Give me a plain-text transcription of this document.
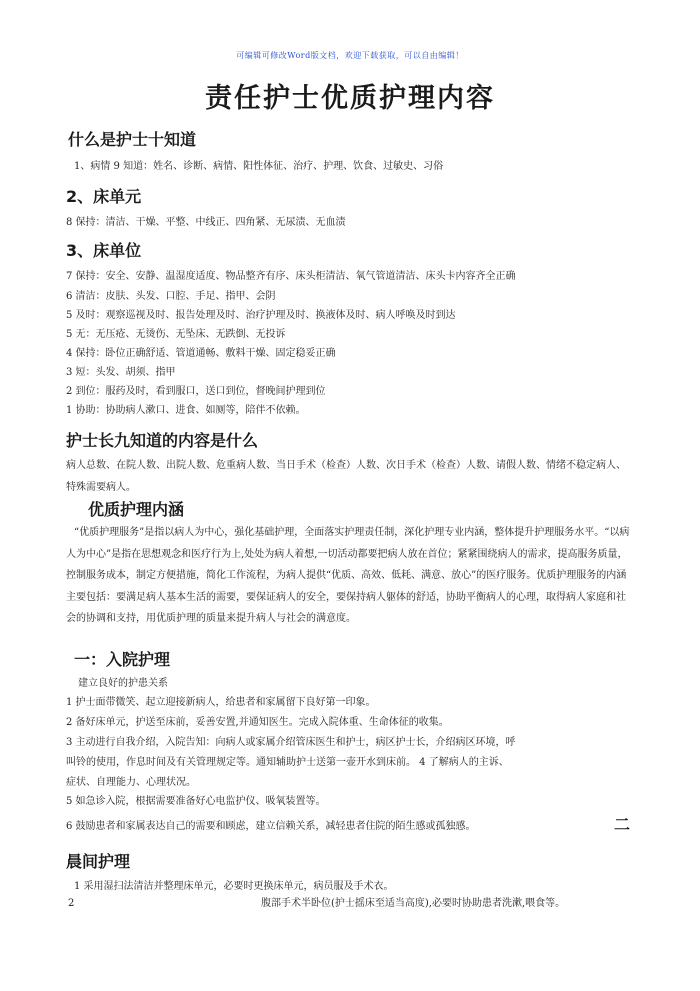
可编辑可修改Word版文档，欢迎下载获取，可以自由编辑！
责任护士优质护理内容
什么是护士十知道

1、病情 9 知道：姓名、诊断、病情、阳性体征、治疗、护理、饮食、过敏史、习俗

2、床单元

8 保持：清洁、干燥、平整、中线正、四角紧、无尿渍、无血渍

3、床单位

7 保持：安全、安静、温湿度适度、物品整齐有序、床头柜清洁、氧气管道清洁、床头卡内容齐全正确

6 清洁：皮肤、头发、口腔、手足、指甲、会阴

5 及时：观察巡视及时、报告处理及时、治疗护理及时、换液体及时、病人呼唤及时到达

5 无：无压疮、无烫伤、无坠床、无跌倒、无投诉

4 保持：卧位正确舒适、管道通畅、敷料干燥、固定稳妥正确

3 短：头发、胡须、指甲

2 到位：服药及时，看到服口，送口到位，督晚间护理到位

1 协助：协助病人漱口、进食、如厕等，陪伴不依赖。

护士长九知道的内容是什么

病人总数、在院人数、出院人数、危重病人数、当日手术（检查）人数、次日手术（检查）人数、请假人数、情绪不稳定病人、特殊需要病人。

优质护理内涵

“优质护理服务”是指以病人为中心，强化基础护理，全面落实护理责任制，深化护理专业内涵，整体提升护理服务水平。“以病人为中心”是指在思想观念和医疗行为上,处处为病人着想,一切活动都要把病人放在首位；紧紧围绕病人的需求，提高服务质量，控制服务成本，制定方便措施，简化工作流程，为病人提供“优质、高效、低耗、满意、放心”的医疗服务。优质护理服务的内涵主要包括：要满足病人基本生活的需要，要保证病人的安全，要保持病人躯体的舒适，协助平衡病人的心理，取得病人家庭和社会的协调和支持，用优质护理的质量来提升病人与社会的满意度。

一：入院护理

建立良好的护患关系

1 护士面带微笑、起立迎接新病人，给患者和家属留下良好第一印象。

2 备好床单元，护送至床前，妥善安置,并通知医生。完成入院体重、生命体征的收集。

3 主动进行自我介绍，入院告知：向病人或家属介绍管床医生和护士，病区护士长，介绍病区环境，呼

叫铃的使用，作息时间及有关管理规定等。通知辅助护士送第一壶开水到床前。 4 了解病人的主诉、

症状、自理能力、心理状况。

5 如急诊入院，根据需要准备好心电监护仪、吸氧装置等。

6 鼓励患者和家属表达自己的需要和顾虑，建立信赖关系，减轻患者住院的陌生感或孤独感。	二
晨间护理

1 采用湿扫法清洁并整理床单元，必要时更换床单元，病员服及手术衣。

2	腹部手术半卧位(护士摇床至适当高度),必要时协助患者洗漱,喂食等。
